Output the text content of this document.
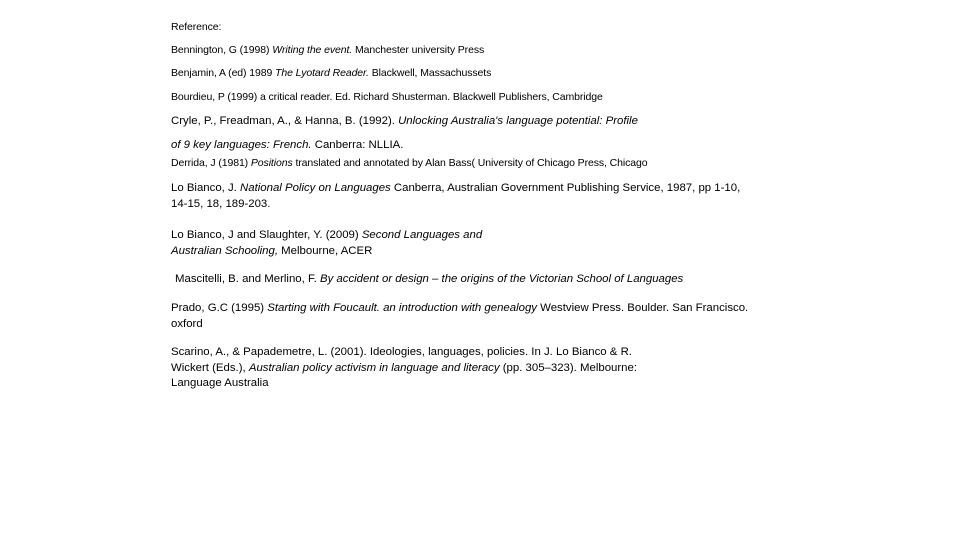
Reference:

Bennington, G (1998) Writing the event. Manchester university Press

Benjamin, A (ed) 1989 The Lyotard Reader. Blackwell, Massachussets

Bourdieu, P (1999) a critical reader. Ed. Richard Shusterman. Blackwell Publishers, Cambridge

Cryle, P., Freadman, A., & Hanna, B. (1992). Unlocking Australia's language potential: Profile

of 9 key languages: French. Canberra: NLLIA.

Derrida, J (1981) Positions translated and annotated by Alan Bass( University of Chicago Press, Chicago

Lo Bianco, J. National Policy on Languages Canberra, Australian Government Publishing Service, 1987, pp 1-10,
14-15, 18, 189-203.
Lo Bianco, J and Slaughter, Y. (2009) Second Languages and
Australian Schooling, Melbourne, ACER

Mascitelli, B. and Merlino, F. By accident or design – the origins of the Victorian School of Languages

Prado, G.C (1995) Starting with Foucault. an introduction with genealogy Westview Press. Boulder. San Francisco.
oxford
Scarino, A., & Papademetre, L. (2001). Ideologies, languages, policies. In J. Lo Bianco & R.
Wickert (Eds.), Australian policy activism in language and literacy (pp. 305–323). Melbourne:
Language Australia
